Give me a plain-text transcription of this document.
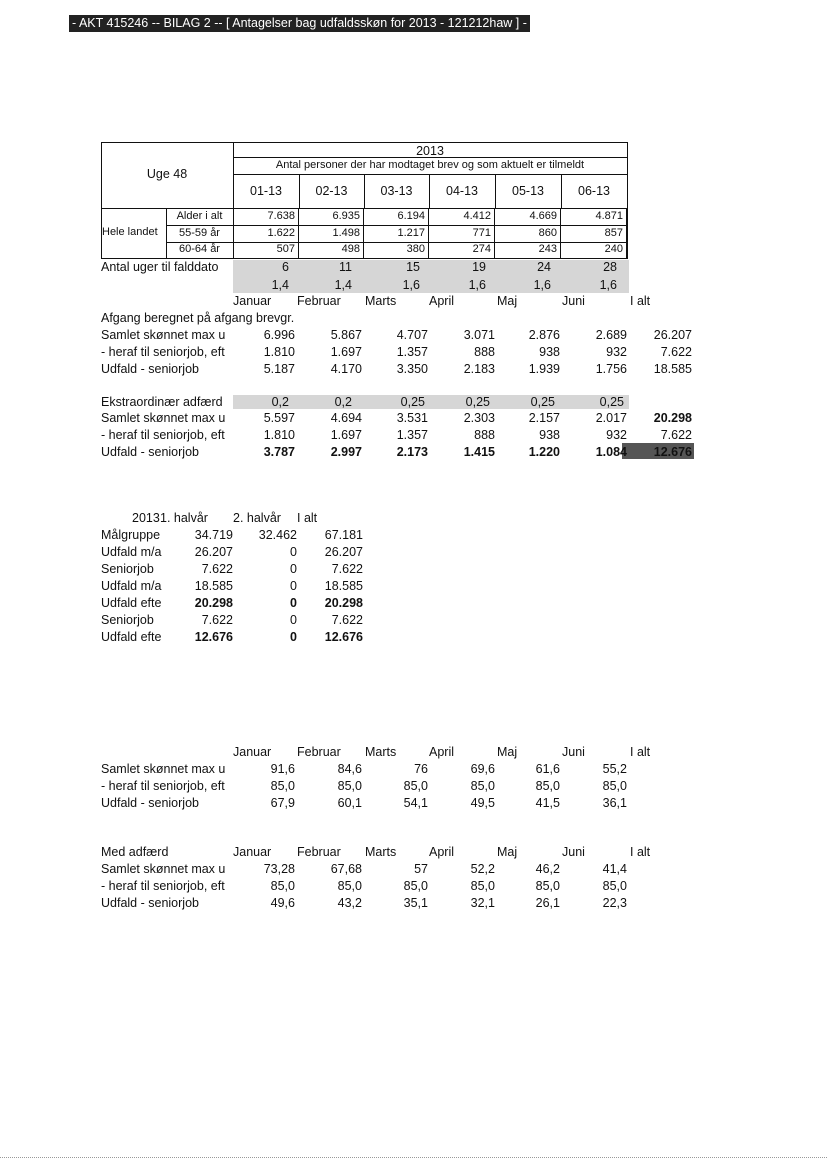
- AKT 415246 -- BILAG 2 -- [ Antagelser bag udfaldsskøn for 2013 - 121212haw ] -
Uge 48
2013
Antal personer der har modtaget brev og som aktuelt er tilmeldt
01-13	02-13	03-13	04-13	05-13	06-13
Hele landet
Alder i alt	7.638	6.935	6.194	4.412	4.669	4.871
55-59 år	1.622	1.498	1.217	771	860	857
60-64 år	507	498	380	274	243	240
Antal uger til falddato	6	11	15	19	24	28
1,4	1,4	1,6	1,6	1,6	1,6
Januar	Februar	Marts	April	Maj	Juni	I alt
Afgang beregnet på afgang brevgr.
Samlet skønnet max u	6.996	5.867	4.707	3.071	2.876	2.689	26.207
- heraf til seniorjob, eft	1.810	1.697	1.357	888	938	932	7.622
Udfald - seniorjob	5.187	4.170	3.350	2.183	1.939	1.756	18.585
Ekstraordinær adfærd	0,2	0,2	0,25	0,25	0,25	0,25
Samlet skønnet max u	5.597	4.694	3.531	2.303	2.157	2.017	20.298
- heraf til seniorjob, eft	1.810	1.697	1.357	888	938	932	7.622
Udfald - seniorjob	3.787	2.997	2.173	1.415	1.220	1.084	12.676
2013 1. halvår	2. halvår	I alt
Målgruppe	34.719	32.462	67.181
Udfald m/a	26.207	0	26.207
Seniorjob	7.622	0	7.622
Udfald m/a	18.585	0	18.585
Udfald efte	20.298	0	20.298
Seniorjob	7.622	0	7.622
Udfald efte	12.676	0	12.676
Januar	Februar	Marts	April	Maj	Juni	I alt
Samlet skønnet max u	91,6	84,6	76	69,6	61,6	55,2
- heraf til seniorjob, eft	85,0	85,0	85,0	85,0	85,0	85,0
Udfald - seniorjob	67,9	60,1	54,1	49,5	41,5	36,1
Med adfærd	Januar	Februar	Marts	April	Maj	Juni	I alt
Samlet skønnet max u	73,28	67,68	57	52,2	46,2	41,4
- heraf til seniorjob, eft	85,0	85,0	85,0	85,0	85,0	85,0
Udfald - seniorjob	49,6	43,2	35,1	32,1	26,1	22,3
